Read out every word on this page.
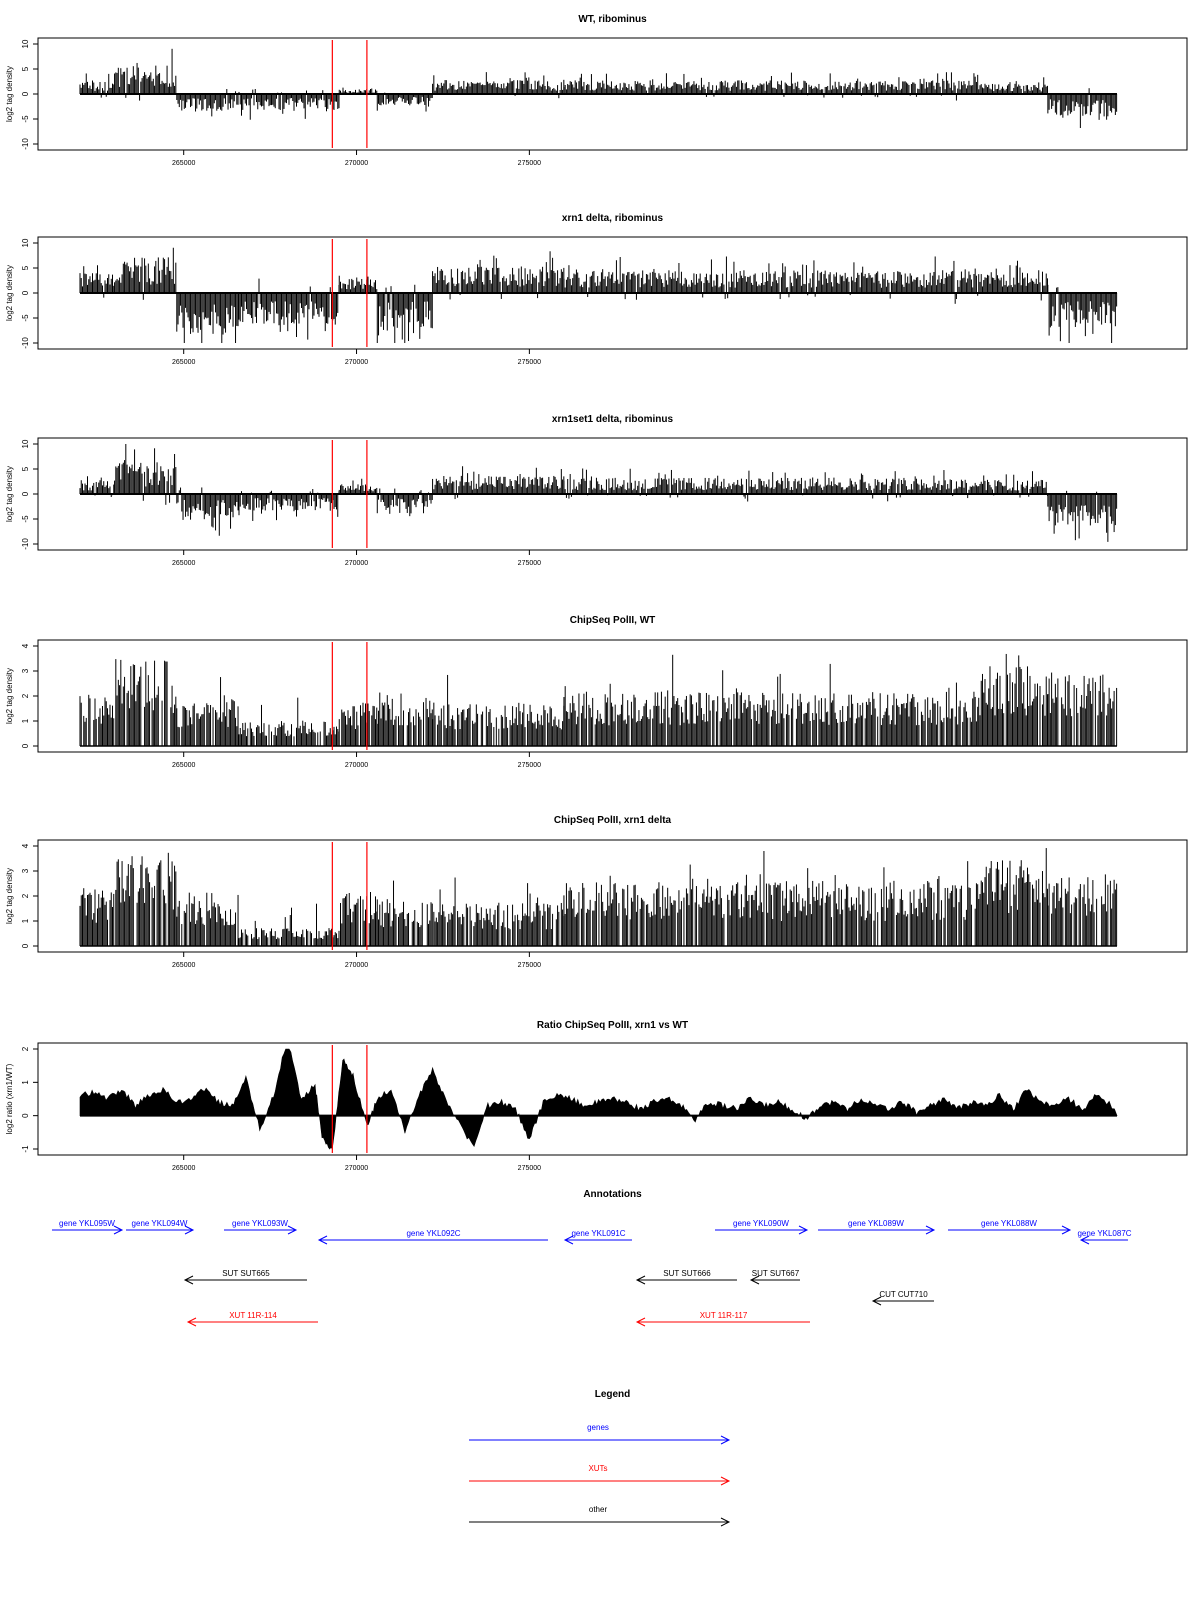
WT, ribominus
log2 tag density
-10
-5
0
5
10
265000	270000	275000
xrn1 delta, ribominus
log2 tag density
-10
-5
0
5
10
265000	270000	275000
xrn1set1 delta, ribominus
log2 tag density
-10
-5
0
5
10
265000	270000	275000
ChipSeq PolII, WT
log2 tag density
0
1
2
3
4
265000	270000	275000
ChipSeq PolII, xrn1 delta
log2 tag density
0
1
2
3
4
265000	270000	275000
Ratio ChipSeq PolII, xrn1 vs WT
log2 ratio (xrn1/WT)
-1
0
1
2
265000	270000	275000
Annotations
gene YKL095W gene YKL094W	gene YKL093W
gene YKL092C	gene YKL091C
gene YKL090W	gene YKL089W	gene YKL088W
gene YKL087C
SUT SUT665	SUT SUT666	SUT SUT667
CUT CUT710
XUT 11R-114	XUT 11R-117
Legend
genes
XUTs
other
